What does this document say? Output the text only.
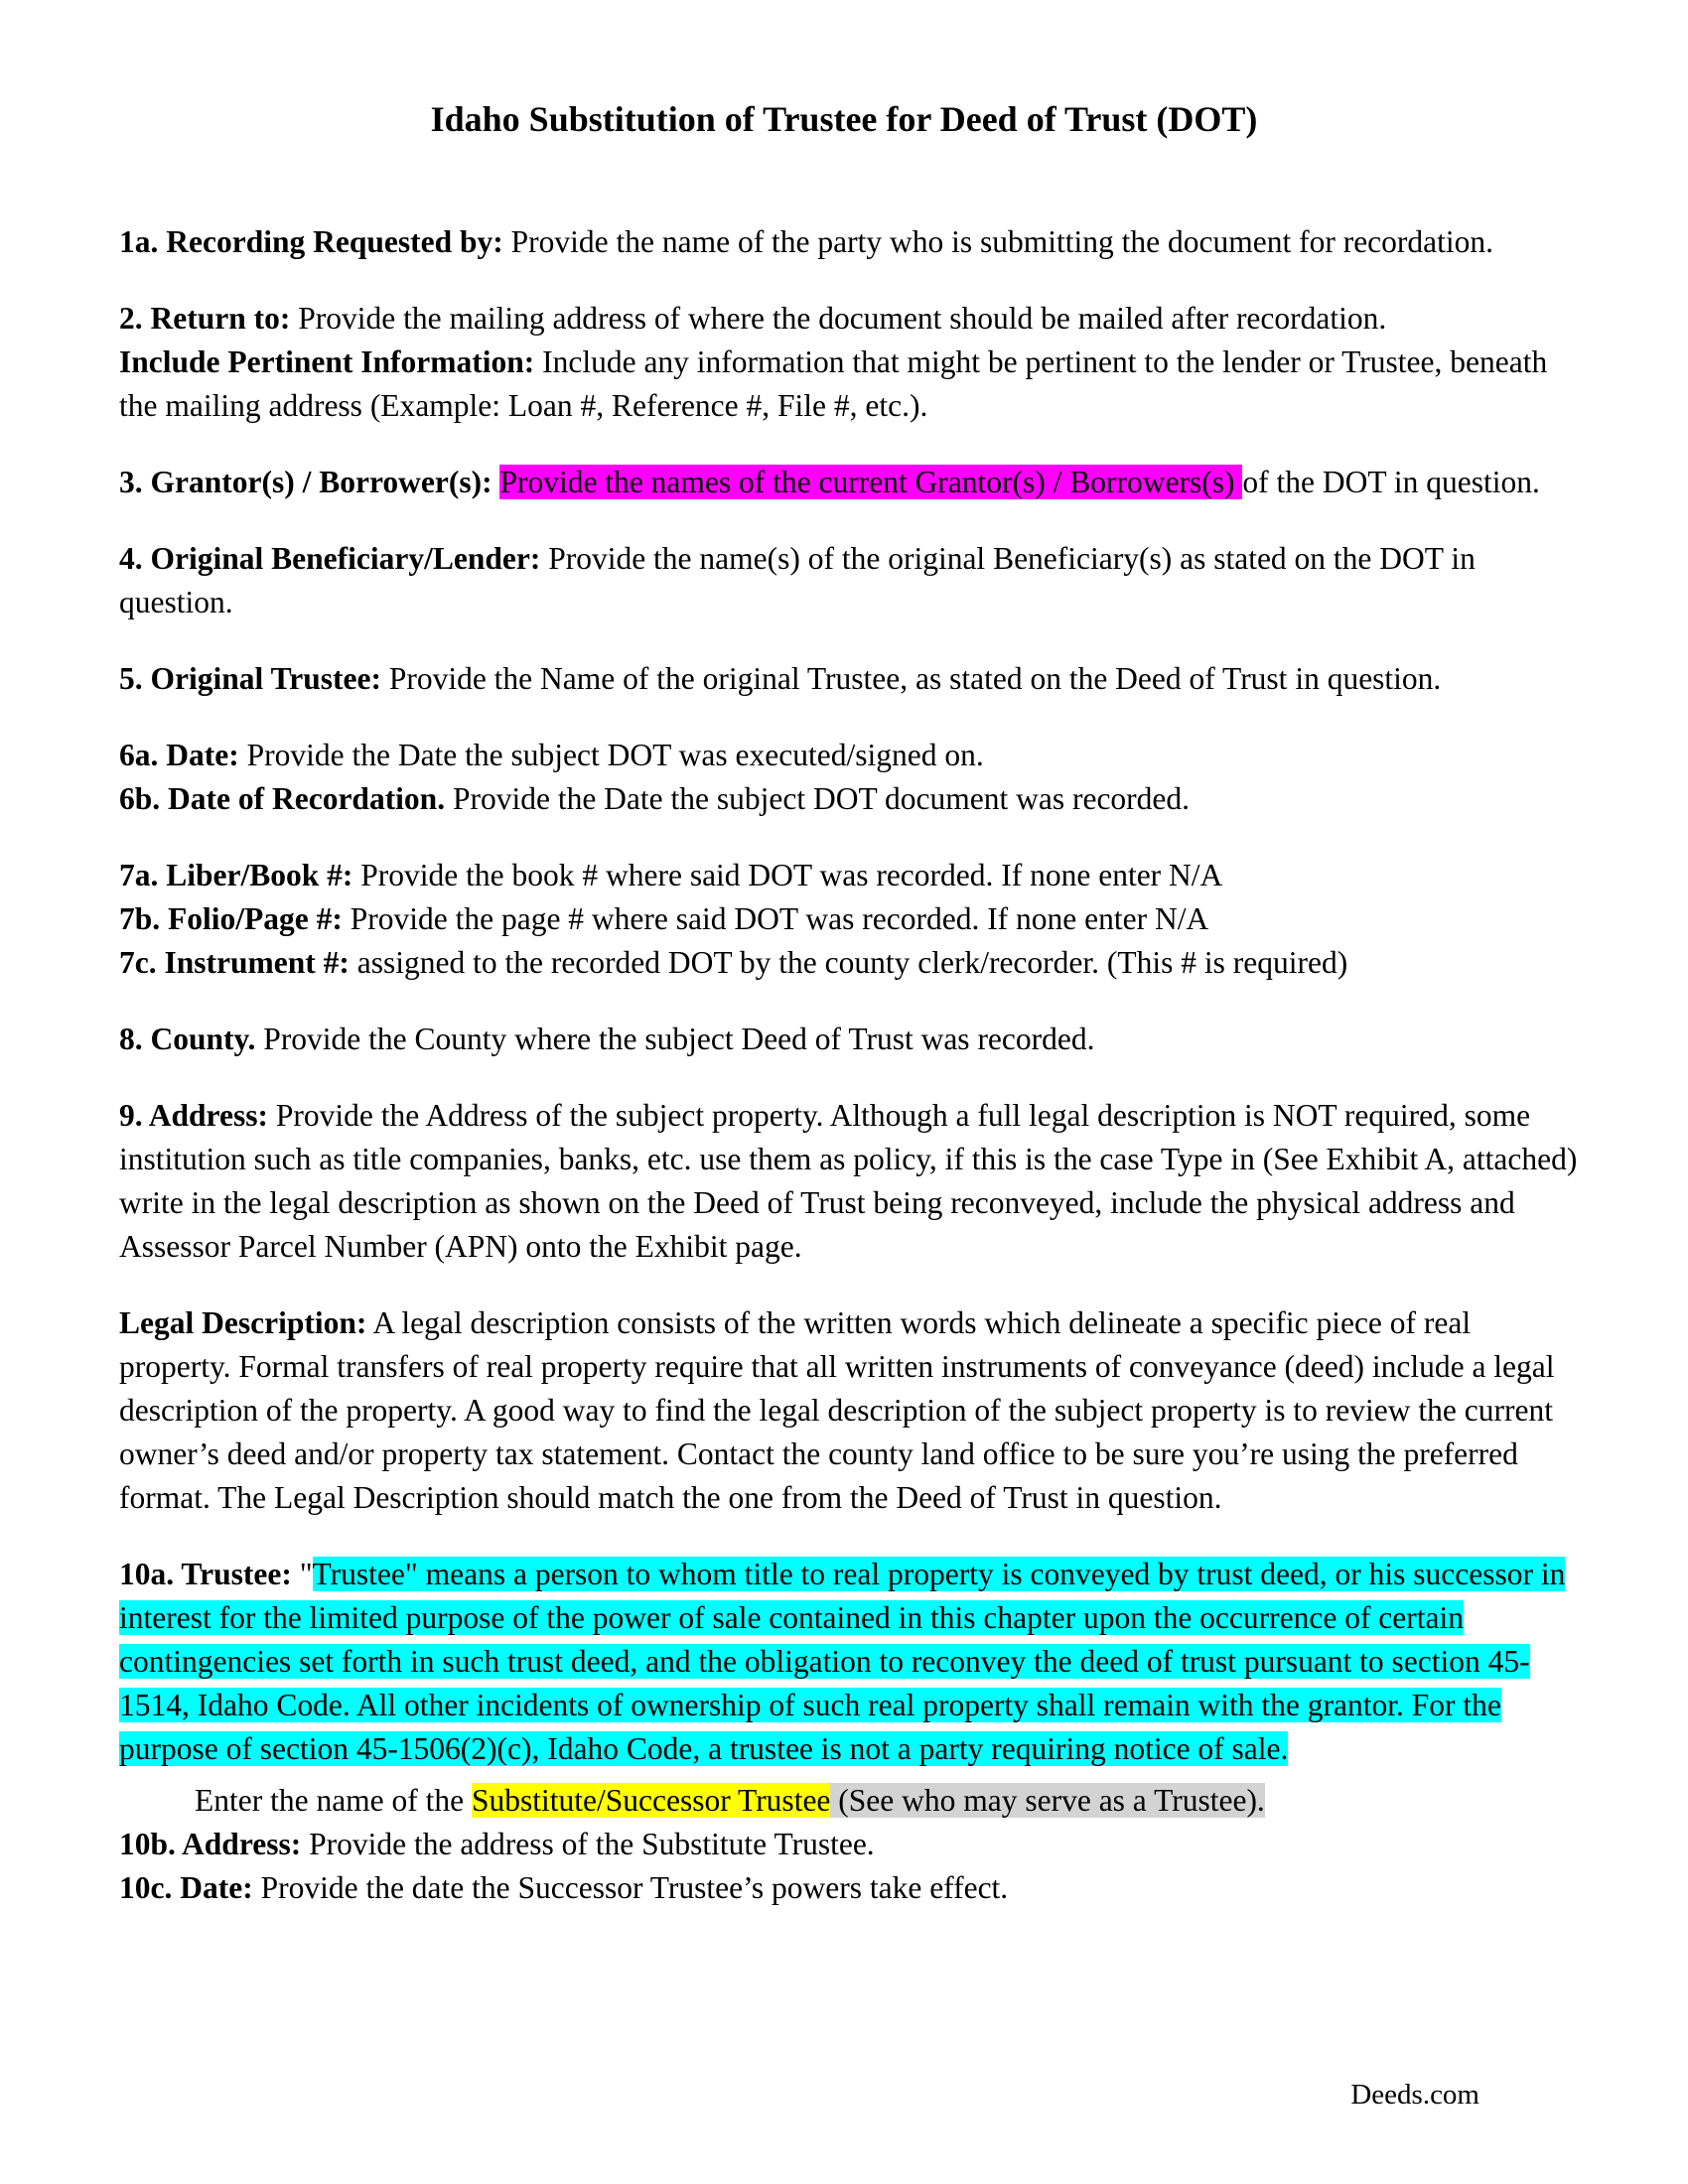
Idaho Substitution of Trustee for Deed of Trust (DOT)

1a. Recording Requested by: Provide the name of the party who is submitting the document for recordation.

2. Return to: Provide the mailing address of where the document should be mailed after recordation.

Include Pertinent Information: Include any information that might be pertinent to the lender or Trustee, beneath the mailing address (Example: Loan #, Reference #, File #, etc.).

3. Grantor(s) / Borrower(s): Provide the names of the current Grantor(s) / Borrowers(s) of the DOT in question.

4. Original Beneficiary/Lender: Provide the name(s) of the original Beneficiary(s) as stated on the DOT in question.

5. Original Trustee: Provide the Name of the original Trustee, as stated on the Deed of Trust in question.

6a. Date: Provide the Date the subject DOT was executed/signed on.

6b. Date of Recordation. Provide the Date the subject DOT document was recorded.

7a. Liber/Book #: Provide the book # where said DOT was recorded. If none enter N/A

7b. Folio/Page #: Provide the page # where said DOT was recorded. If none enter N/A

7c. Instrument #: assigned to the recorded DOT by the county clerk/recorder. (This # is required)

8. County. Provide the County where the subject Deed of Trust was recorded.

9. Address: Provide the Address of the subject property. Although a full legal description is NOT required, some institution such as title companies, banks, etc. use them as policy, if this is the case Type in (See Exhibit A, attached) write in the legal description as shown on the Deed of Trust being reconveyed, include the physical address and Assessor Parcel Number (APN) onto the Exhibit page.

Legal Description: A legal description consists of the written words which delineate a specific piece of real property. Formal transfers of real property require that all written instruments of conveyance (deed) include a legal description of the property. A good way to find the legal description of the subject property is to review the current owner’s deed and/or property tax statement. Contact the county land office to be sure you’re using the preferred format. The Legal Description should match the one from the Deed of Trust in question.

10a. Trustee: "Trustee" means a person to whom title to real property is conveyed by trust deed, or his successor in interest for the limited purpose of the power of sale contained in this chapter upon the occurrence of certain contingencies set forth in such trust deed, and the obligation to reconvey the deed of trust pursuant to section 45-1514, Idaho Code. All other incidents of ownership of such real property shall remain with the grantor. For the purpose of section 45-1506(2)(c), Idaho Code, a trustee is not a party requiring notice of sale.

Enter the name of the Substitute/Successor Trustee (See who may serve as a Trustee).

10b. Address: Provide the address of the Substitute Trustee.

10c. Date: Provide the date the Successor Trustee’s powers take effect.

Deeds.com
